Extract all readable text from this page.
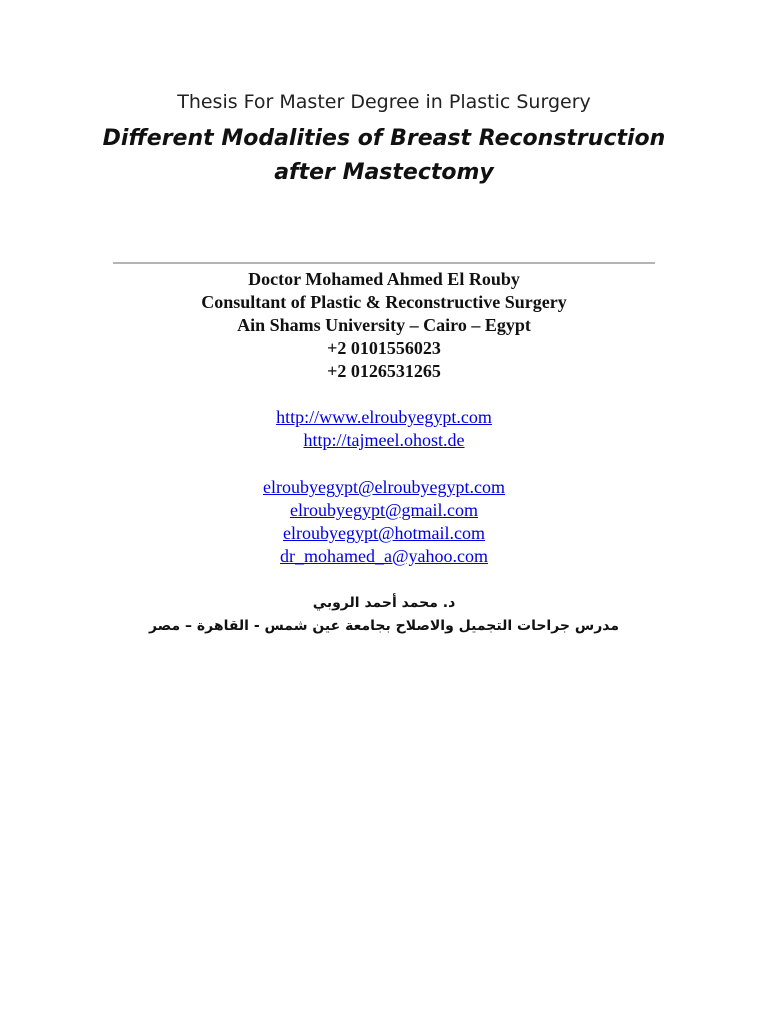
Thesis For Master Degree in Plastic Surgery
Different Modalities of Breast Reconstruction
after Mastectomy
Doctor Mohamed Ahmed El Rouby
Consultant of Plastic & Reconstructive Surgery
Ain Shams University – Cairo – Egypt
+2 0101556023
+2 0126531265
http://www.elroubyegypt.com
http://tajmeel.ohost.de
elroubyegypt@elroubyegypt.com
elroubyegypt@gmail.com
elroubyegypt@hotmail.com
dr_mohamed_a@yahoo.com
د. محمد أحمد الروبي
مدرس جراحات التجميل والاصلاح بجامعة عين شمس - القاهرة – مصر
